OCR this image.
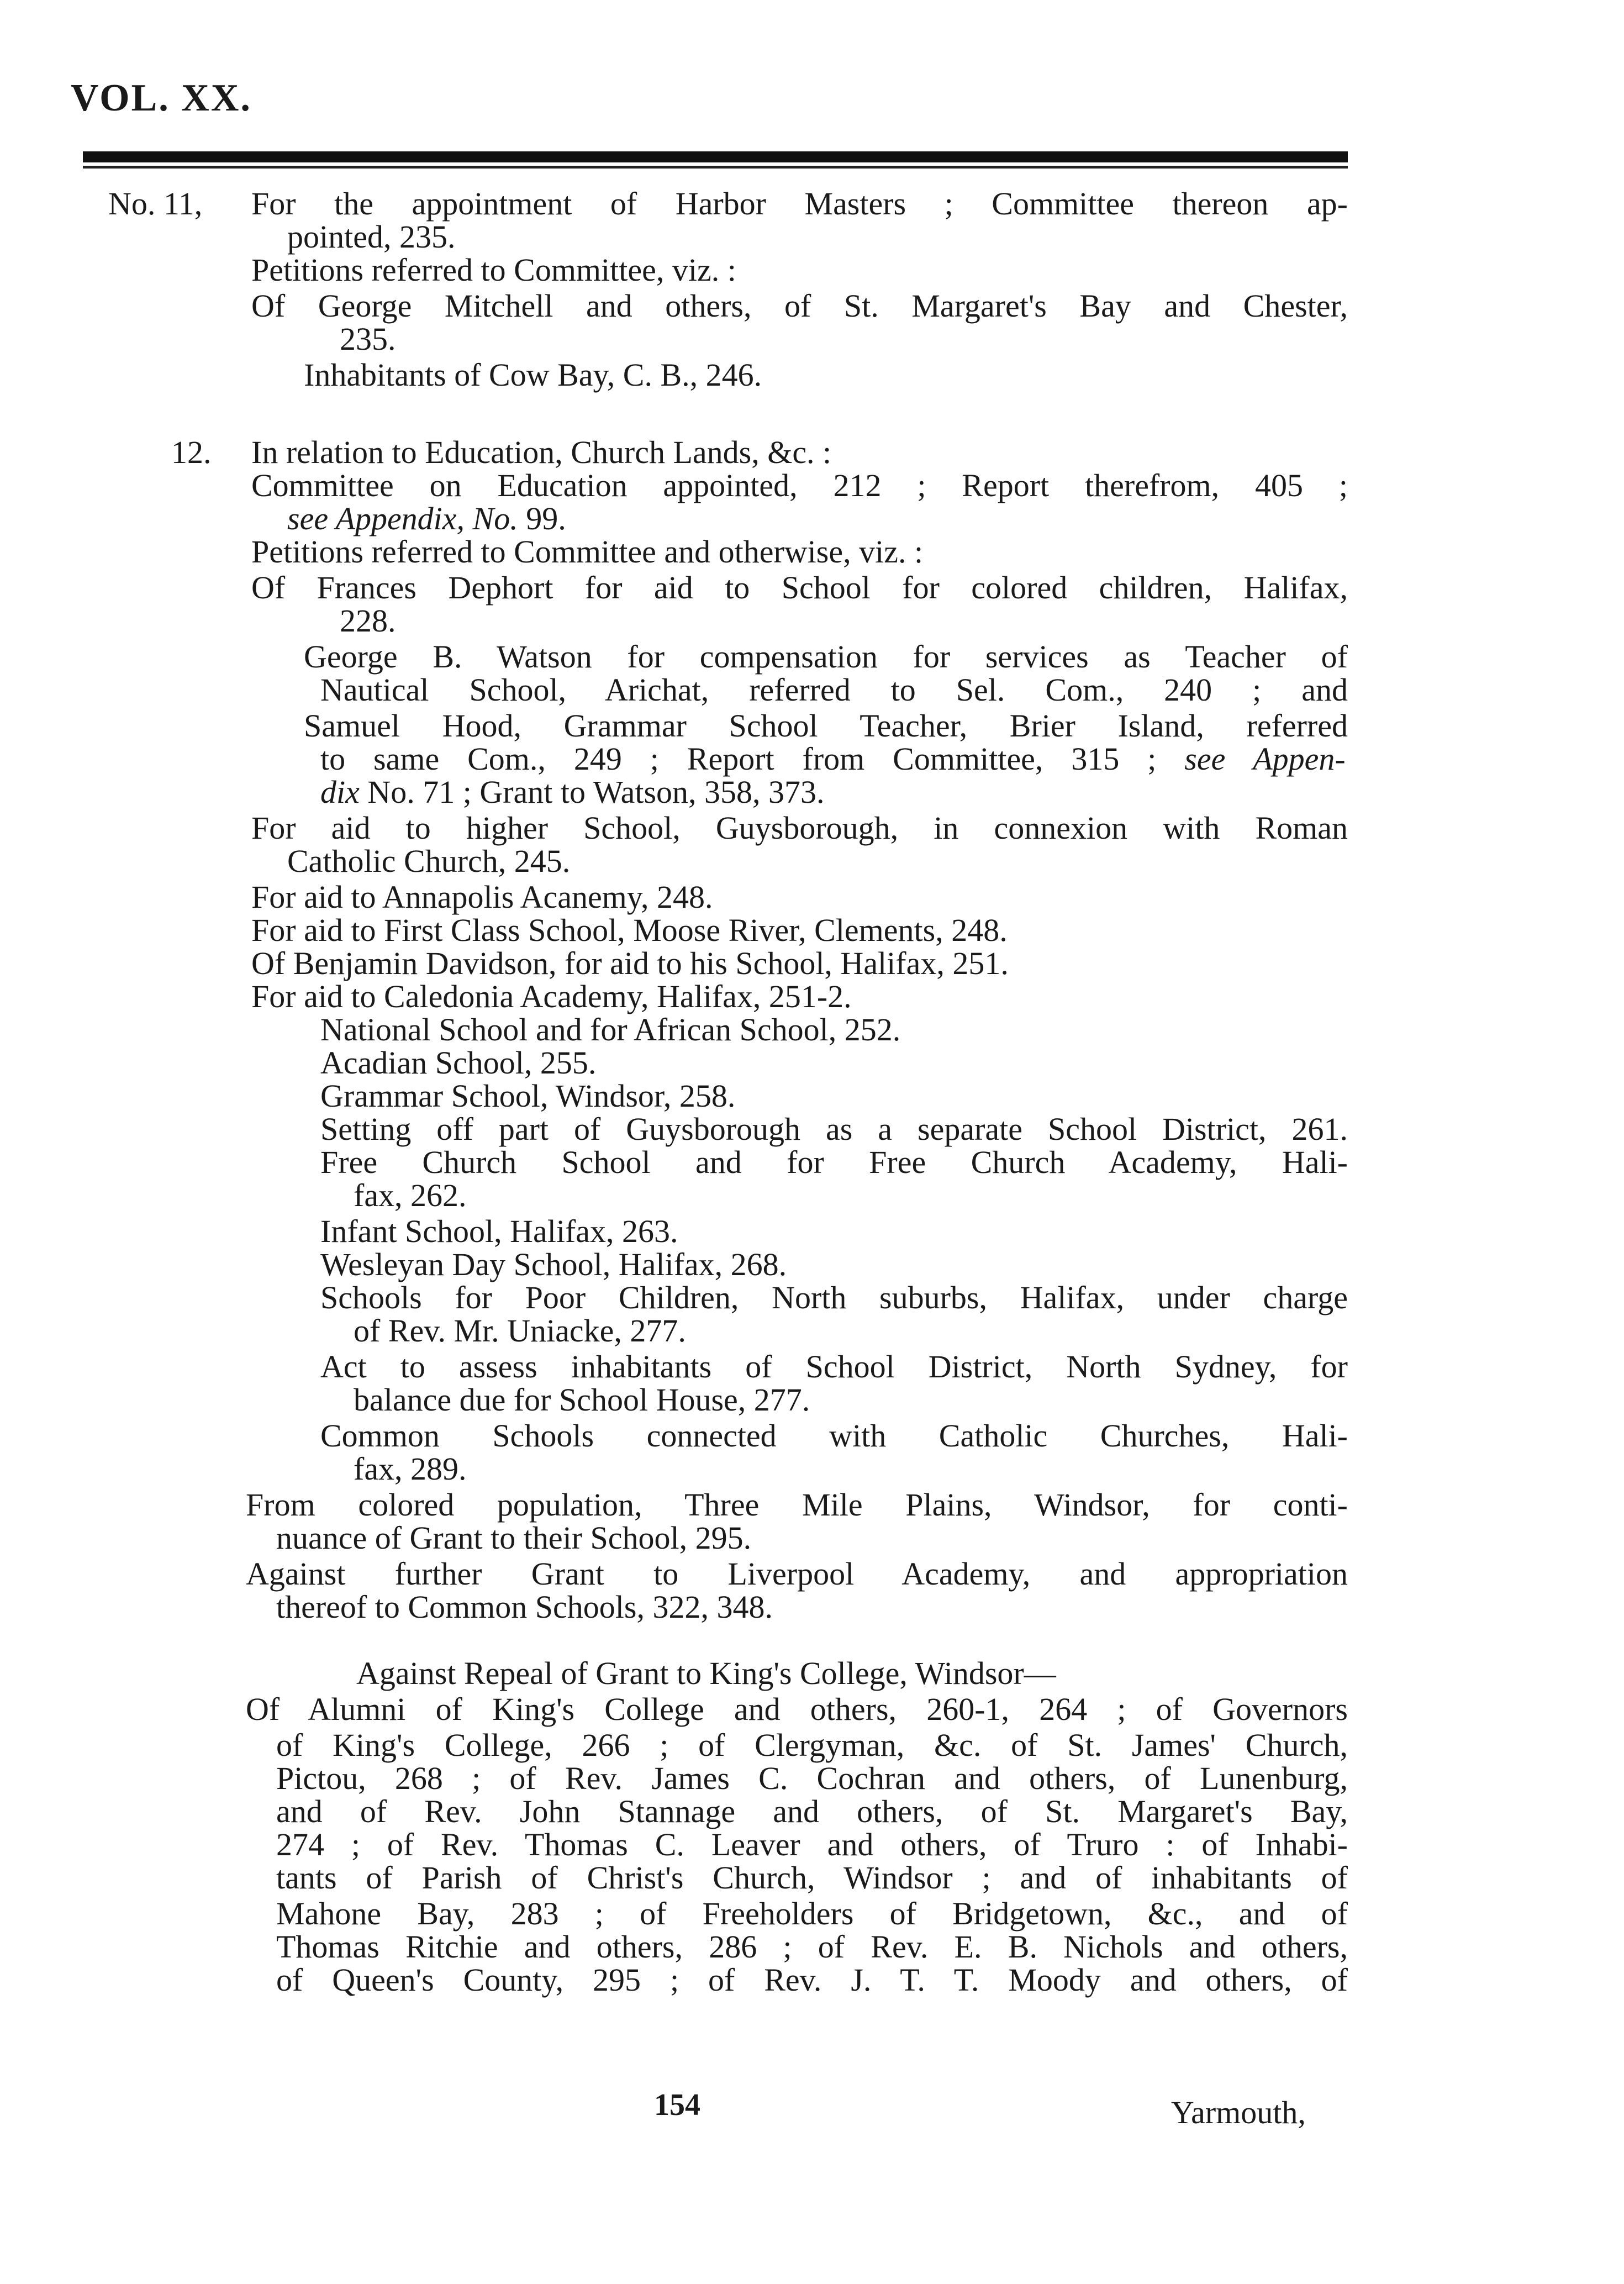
VOL. XX.
No. 11,
12.
For the appointment of Harbor Masters ; Committee thereon ap-
pointed, 235.
Petitions referred to Committee, viz. :
Of George Mitchell and others, of St. Margaret's Bay and Chester,
235.
Inhabitants of Cow Bay, C. B., 246.
In relation to Education, Church Lands, &c. :
Committee on Education appointed, 212 ; Report therefrom, 405 ;
see Appendix, No. 99.
Petitions referred to Committee and otherwise, viz. :
Of Frances Dephort for aid to School for colored children, Halifax,
228.
George B. Watson for compensation for services as Teacher of
Nautical School, Arichat, referred to Sel. Com., 240 ; and
Samuel Hood, Grammar School Teacher, Brier Island, referred
to same Com., 249 ; Report from Committee, 315 ; see Appen-
dix No. 71 ; Grant to Watson, 358, 373.
For aid to higher School, Guysborough, in connexion with Roman
Catholic Church, 245.
For aid to Annapolis Acanemy, 248.
For aid to First Class School, Moose River, Clements, 248.
Of Benjamin Davidson, for aid to his School, Halifax, 251.
For aid to Caledonia Academy, Halifax, 251-2.
National School and for African School, 252.
Acadian School, 255.
Grammar School, Windsor, 258.
Setting off part of Guysborough as a separate School District, 261.
Free Church School and for Free Church Academy, Hali-
fax, 262.
Infant School, Halifax, 263.
Wesleyan Day School, Halifax, 268.
Schools for Poor Children, North suburbs, Halifax, under charge
of Rev. Mr. Uniacke, 277.
Act to assess inhabitants of School District, North Sydney, for
balance due for School House, 277.
Common Schools connected with Catholic Churches, Hali-
fax, 289.
From colored population, Three Mile Plains, Windsor, for conti-
nuance of Grant to their School, 295.
Against further Grant to Liverpool Academy, and appropriation
thereof to Common Schools, 322, 348.
Against Repeal of Grant to King's College, Windsor—
Of Alumni of King's College and others, 260-1, 264 ; of Governors
of King's College, 266 ; of Clergyman, &c. of St. James' Church,
Pictou, 268 ; of Rev. James C. Cochran and others, of Lunenburg,
and of Rev. John Stannage and others, of St. Margaret's Bay,
274 ; of Rev. Thomas C. Leaver and others, of Truro : of Inhabi-
tants of Parish of Christ's Church, Windsor ; and of inhabitants of
Mahone Bay, 283 ; of Freeholders of Bridgetown, &c., and of
Thomas Ritchie and others, 286 ; of Rev. E. B. Nichols and others,
of Queen's County, 295 ; of Rev. J. T. T. Moody and others, of
154	Yarmouth,
